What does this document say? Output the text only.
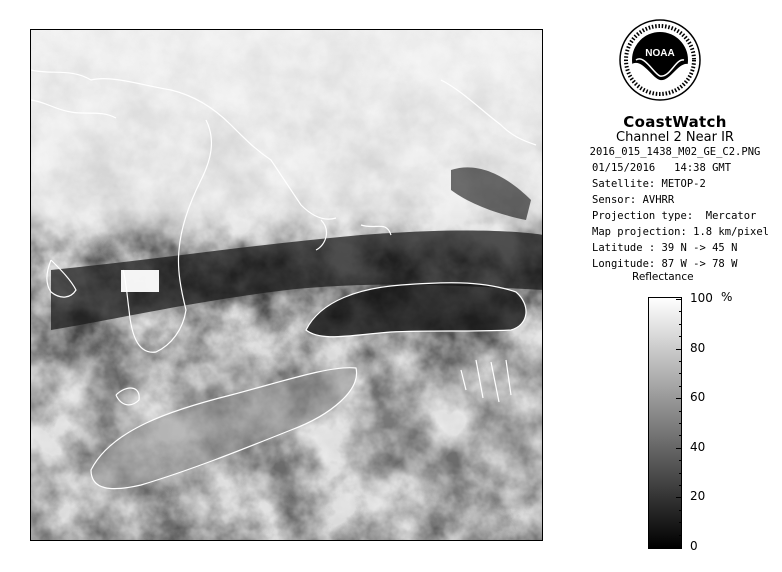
NOAA
CoastWatch
Channel 2 Near IR
2016_015_1438_M02_GE_C2.PNG
01/15/2016   14:38 GMT
Satellite: METOP-2
Sensor: AVHRR
Projection type:  Mercator
Map projection: 1.8 km/pixel
Latitude : 39 N -> 45 N
Longitude: 87 W -> 78 W
Reflectance
%
100
80
60
40
20
0
